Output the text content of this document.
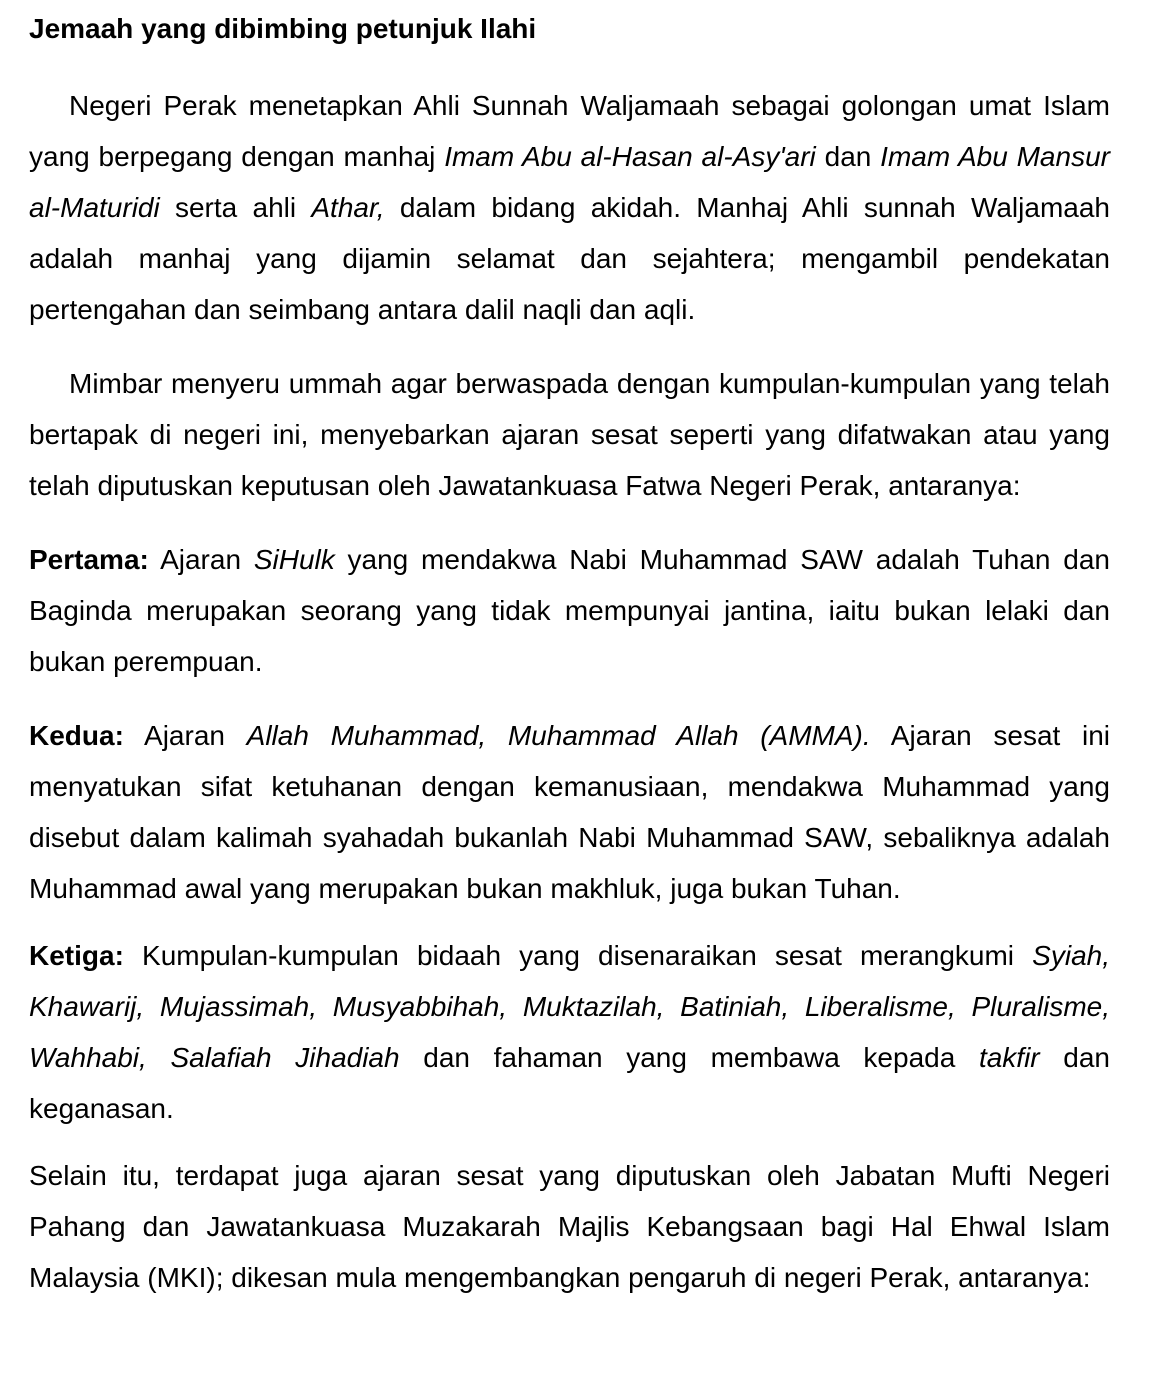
Jemaah yang dibimbing petunjuk Ilahi

Negeri Perak menetapkan Ahli Sunnah Waljamaah sebagai golongan umat Islam yang berpegang dengan manhaj Imam Abu al-Hasan al-Asy'ari dan Imam Abu Mansur al-Maturidi serta ahli Athar, dalam bidang akidah. Manhaj Ahli sunnah Waljamaah adalah manhaj yang dijamin selamat dan sejahtera; mengambil pendekatan pertengahan dan seimbang antara dalil naqli dan aqli.

Mimbar menyeru ummah agar berwaspada dengan kumpulan-kumpulan yang telah bertapak di negeri ini, menyebarkan ajaran sesat seperti yang difatwakan atau yang telah diputuskan keputusan oleh Jawatankuasa Fatwa Negeri Perak, antaranya:

Pertama: Ajaran SiHulk yang mendakwa Nabi Muhammad SAW adalah Tuhan dan Baginda merupakan seorang yang tidak mempunyai jantina, iaitu bukan lelaki dan bukan perempuan.

Kedua: Ajaran Allah Muhammad, Muhammad Allah (AMMA). Ajaran sesat ini menyatukan sifat ketuhanan dengan kemanusiaan, mendakwa Muhammad yang disebut dalam kalimah syahadah bukanlah Nabi Muhammad SAW, sebaliknya adalah Muhammad awal yang merupakan bukan makhluk, juga bukan Tuhan.

Ketiga: Kumpulan-kumpulan bidaah yang disenaraikan sesat merangkumi Syiah, Khawarij, Mujassimah, Musyabbihah, Muktazilah, Batiniah, Liberalisme, Pluralisme, Wahhabi, Salafiah Jihadiah dan fahaman yang membawa kepada takfir dan keganasan.

Selain itu, terdapat juga ajaran sesat yang diputuskan oleh Jabatan Mufti Negeri Pahang dan Jawatankuasa Muzakarah Majlis Kebangsaan bagi Hal Ehwal Islam Malaysia (MKI); dikesan mula mengembangkan pengaruh di negeri Perak, antaranya:
